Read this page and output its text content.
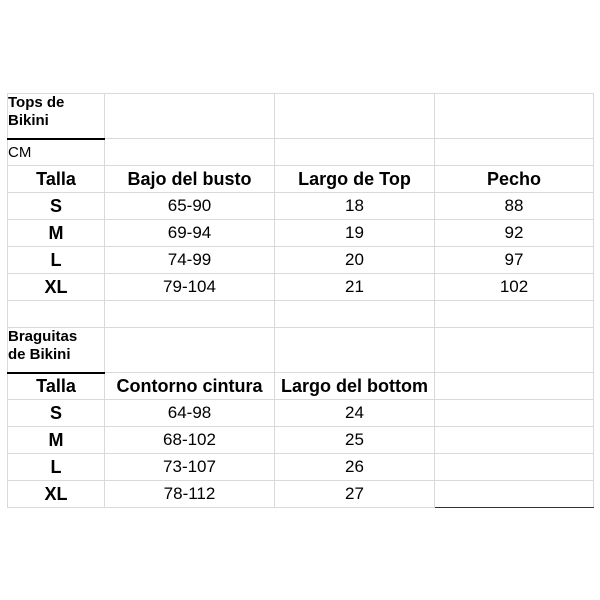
Tops de
Bikini			

CM			
Talla	Bajo del busto	Largo de Top	Pecho
S	65-90	18	88
M	69-94	19	92
L	74-99	20	97
XL	79-104	21	102

Braguitas
de Bikini			

Talla	Contorno cintura	Largo del bottom	
S	64-98	24	
M	68-102	25	
L	73-107	26	
XL	78-112	27	
